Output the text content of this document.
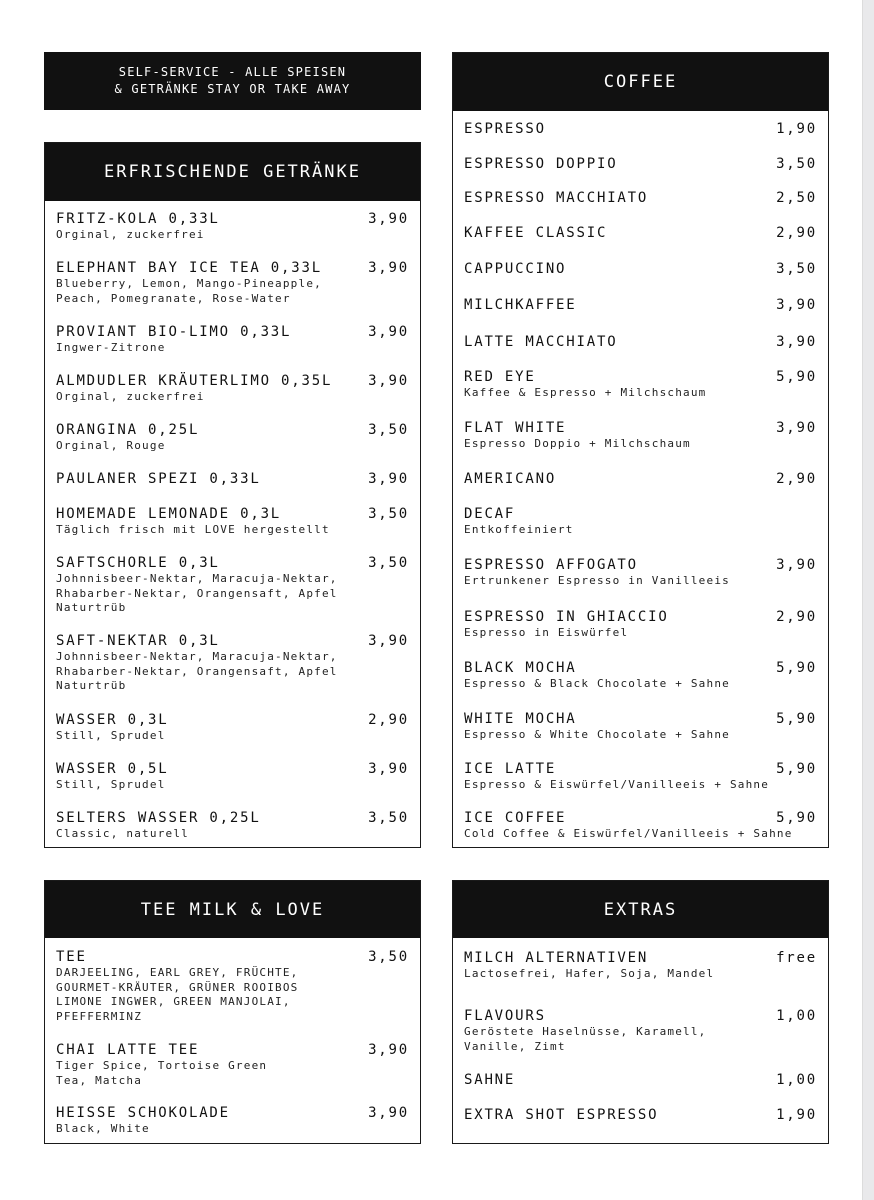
SELF-SERVICE - ALLE SPEISEN
& GETRÄNKE STAY OR TAKE AWAY
ERFRISCHENDE GETRÄNKE
FRITZ-KOLA 0,33L	3,90
Orginal, zuckerfrei
ELEPHANT BAY ICE TEA 0,33L	3,90
Blueberry, Lemon, Mango-Pineapple,
Peach, Pomegranate, Rose-Water
PROVIANT BIO-LIMO 0,33L	3,90
Ingwer-Zitrone
ALMDUDLER KRÄUTERLIMO 0,35L	3,90
Orginal, zuckerfrei
ORANGINA 0,25L	3,50
Orginal, Rouge
PAULANER SPEZI 0,33L	3,90
HOMEMADE LEMONADE 0,3L	3,50
Täglich frisch mit LOVE hergestellt
SAFTSCHORLE 0,3L	3,50
Johnnisbeer-Nektar, Maracuja-Nektar,
Rhabarber-Nektar, Orangensaft, Apfel
Naturtrüb
SAFT-NEKTAR 0,3L	3,90
Johnnisbeer-Nektar, Maracuja-Nektar,
Rhabarber-Nektar, Orangensaft, Apfel
Naturtrüb
WASSER 0,3L	2,90
Still, Sprudel
WASSER 0,5L	3,90
Still, Sprudel
SELTERS WASSER 0,25L	3,50
Classic, naturell
COFFEE
ESPRESSO	1,90
ESPRESSO DOPPIO	3,50
ESPRESSO MACCHIATO	2,50
KAFFEE CLASSIC	2,90
CAPPUCCINO	3,50
MILCHKAFFEE	3,90
LATTE MACCHIATO	3,90
RED EYE	5,90
Kaffee & Espresso + Milchschaum
FLAT WHITE	3,90
Espresso Doppio + Milchschaum
AMERICANO	2,90
DECAF
Entkoffeiniert
ESPRESSO AFFOGATO	3,90
Ertrunkener Espresso in Vanilleeis
ESPRESSO IN GHIACCIO	2,90
Espresso in Eiswürfel
BLACK MOCHA	5,90
Espresso & Black Chocolate + Sahne
WHITE MOCHA	5,90
Espresso & White Chocolate + Sahne
ICE LATTE	5,90
Espresso & Eiswürfel/Vanilleeis + Sahne
ICE COFFEE	5,90
Cold Coffee & Eiswürfel/Vanilleeis + Sahne
TEE MILK & LOVE
TEE	3,50
DARJEELING, EARL GREY, FRÜCHTE,
GOURMET-KRÄUTER, GRÜNER ROOIBOS
LIMONE INGWER, GREEN MANJOLAI,
PFEFFERMINZ
CHAI LATTE TEE	3,90
Tiger Spice, Tortoise Green
Tea, Matcha
HEISSE SCHOKOLADE	3,90
Black, White
EXTRAS
MILCH ALTERNATIVEN	free
Lactosefrei, Hafer, Soja, Mandel
FLAVOURS	1,00
Geröstete Haselnüsse, Karamell,
Vanille, Zimt
SAHNE	1,00
EXTRA SHOT ESPRESSO	1,90
